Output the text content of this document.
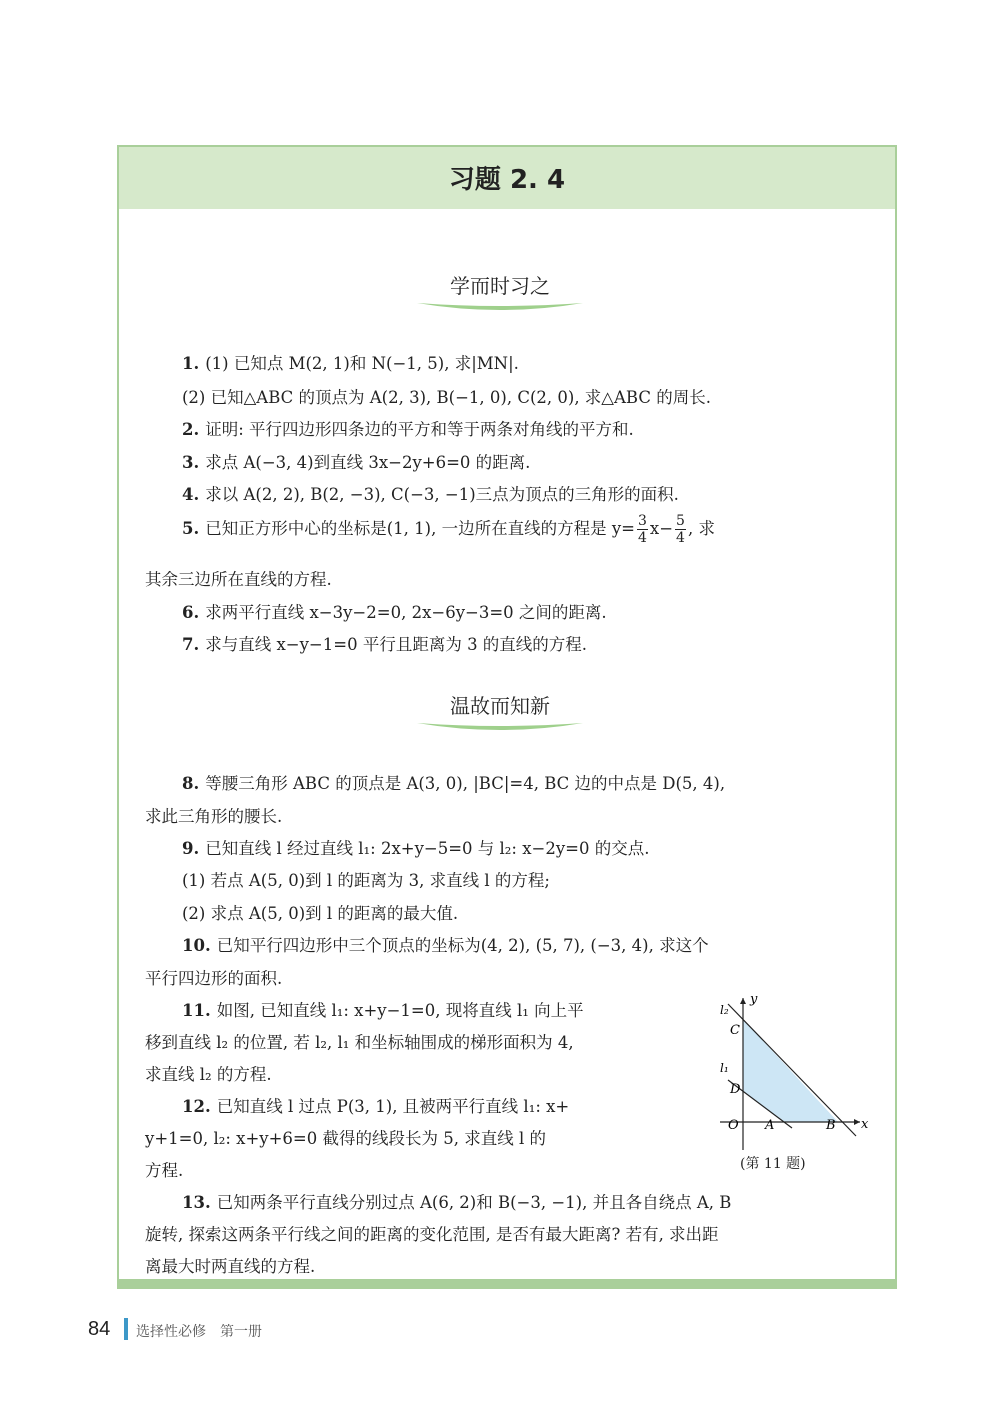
习题 2. 4
学而时习之
1. (1) 已知点 M(2, 1)和 N(−1, 5), 求|MN|.
(2) 已知△ABC 的顶点为 A(2, 3), B(−1, 0), C(2, 0), 求△ABC 的周长.
2. 证明: 平行四边形四条边的平方和等于两条对角线的平方和.
3. 求点 A(−3, 4)到直线 3x−2y+6=0 的距离.
4. 求以 A(2, 2), B(2, −3), C(−3, −1)三点为顶点的三角形的面积.
5. 已知正方形中心的坐标是(1, 1), 一边所在直线的方程是 $y= \frac{3}{4} x- \frac{5}{4}$ , 求
其余三边所在直线的方程.
6. 求两平行直线 x−3y−2=0, 2x−6y−3=0 之间的距离.
7. 求与直线 x−y−1=0 平行且距离为 3 的直线的方程.
温故而知新
8. 等腰三角形 ABC 的顶点是 A(3, 0), |BC|=4, BC 边的中点是 D(5, 4),
求此三角形的腰长.
9. 已知直线 l 经过直线 l₁: 2x+y−5=0 与 l₂: x−2y=0 的交点.
(1) 若点 A(5, 0)到 l 的距离为 3, 求直线 l 的方程;
(2) 求点 A(5, 0)到 l 的距离的最大值.
10. 已知平行四边形中三个顶点的坐标为(4, 2), (5, 7), (−3, 4), 求这个
平行四边形的面积.
11. 如图, 已知直线 l₁: x+y−1=0, 现将直线 l₁ 向上平
移到直线 l₂ 的位置, 若 l₂, l₁ 和坐标轴围成的梯形面积为 4,
求直线 l₂ 的方程.
12. 已知直线 l 过点 P(3, 1), 且被两平行直线 l₁: x+
y+1=0, l₂: x+y+6=0 截得的线段长为 5, 求直线 l 的
方程.
13. 已知两条平行直线分别过点 A(6, 2)和 B(−3, −1), 并且各自绕点 A, B
旋转, 探索这两条平行线之间的距离的变化范围, 是否有最大距离? 若有, 求出距
离最大时两直线的方程.
y
x
O A	B
C
D
l₂
l₁
(第 11 题)
84 选择性必修　第一册
